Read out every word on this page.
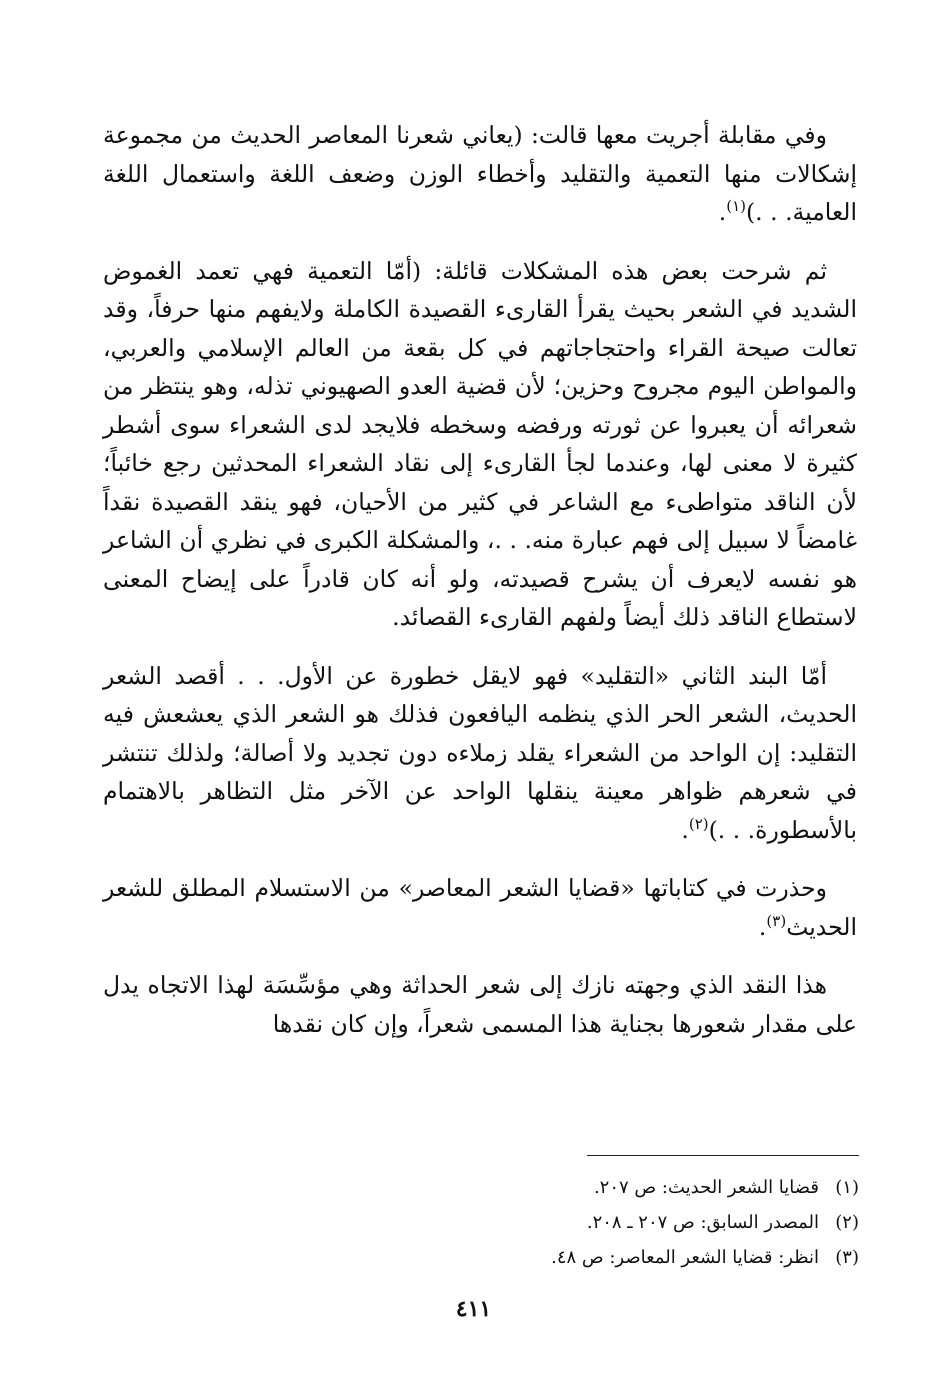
وفي مقابلة أجريت معها قالت: (يعاني شعرنا المعاصر الحديث من مجموعة إشكالات منها التعمية والتقليد وأخطاء الوزن وضعف اللغة واستعمال اللغة العامية. . .)$^{(١)}$.

ثم شرحت بعض هذه المشكلات قائلة: (أمّا التعمية فهي تعمد الغموض الشديد في الشعر بحيث يقرأ القارىء القصيدة الكاملة ولايفهم منها حرفاً، وقد تعالت صيحة القراء واحتجاجاتهم في كل بقعة من العالم الإسلامي والعربي، والمواطن اليوم مجروح وحزين؛ لأن قضية العدو الصهيوني تذله، وهو ينتظر من شعرائه أن يعبروا عن ثورته ورفضه وسخطه فلايجد لدى الشعراء سوى أشطر كثيرة لا معنى لها، وعندما لجأ القارىء إلى نقاد الشعراء المحدثين رجع خائباً؛ لأن الناقد متواطىء مع الشاعر في كثير من الأحيان، فهو ينقد القصيدة نقداً غامضاً لا سبيل إلى فهم عبارة منه. . .، والمشكلة الكبرى في نظري أن الشاعر هو نفسه لايعرف أن يشرح قصيدته، ولو أنه كان قادراً على إيضاح المعنى لاستطاع الناقد ذلك أيضاً ولفهم القارىء القصائد.

أمّا البند الثاني «التقليد» فهو لايقل خطورة عن الأول. . . أقصد الشعر الحديث، الشعر الحر الذي ينظمه اليافعون فذلك هو الشعر الذي يعشعش فيه التقليد: إن الواحد من الشعراء يقلد زملاءه دون تجديد ولا أصالة؛ ولذلك تنتشر في شعرهم ظواهر معينة ينقلها الواحد عن الآخر مثل التظاهر بالاهتمام بالأسطورة. . .)$^{(٢)}$.

وحذرت في كتاباتها «قضايا الشعر المعاصر» من الاستسلام المطلق للشعر الحديث$^{(٣)}$.

هذا النقد الذي وجهته نازك إلى شعر الحداثة وهي مؤسِّسَة لهذا الاتجاه يدل على مقدار شعورها بجناية هذا المسمى شعراً، وإن كان نقدها

(١)قضايا الشعر الحديث: ص ٢٠٧.
(٢)المصدر السابق: ص ٢٠٧ ـ ٢٠٨.
(٣)انظر: قضايا الشعر المعاصر: ص ٤٨.
٤١١
